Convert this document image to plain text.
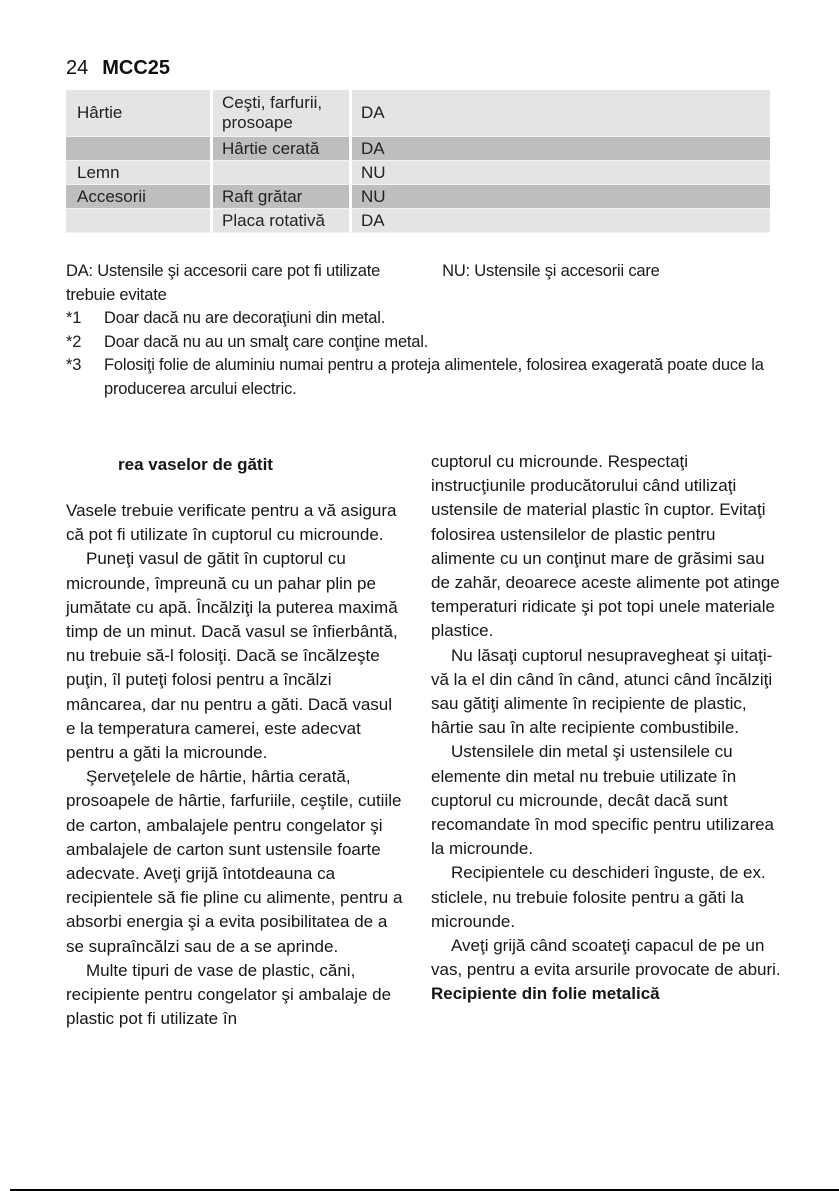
24 MCC25
Hârtie	Ceşti, farfurii, prosoape	DA
	Hârtie cerată	DA
Lemn		NU
Accesorii	Raft grătar	NU
	Placa rotativă	DA
DA: Ustensile şi accesorii care pot fi utilizate	NU: Ustensile şi accesorii care
trebuie evitate
*1 Doar dacă nu are decoraţiuni din metal.
*2 Doar dacă nu au un smalţ care conţine metal.
*3 Folosiţi folie de aluminiu numai pentru a proteja alimentele, folosirea exagerată poate duce la producerea arcului electric.
rea vaselor de gătit

Vasele trebuie verificate pentru a vă asigura că pot fi utilizate în cuptorul cu microunde.

Puneţi vasul de gătit în cuptorul cu microunde, împreună cu un pahar plin pe jumătate cu apă. Încălziţi la puterea maximă timp de un minut. Dacă vasul se înfierbântă, nu trebuie să-l folosiţi. Dacă se încălzeşte puţin, îl puteţi folosi pentru a încălzi mâncarea, dar nu pentru a găti. Dacă vasul e la temperatura camerei, este adecvat pentru a găti la microunde.

Şerveţelele de hârtie, hârtia cerată, prosoapele de hârtie, farfuriile, ceştile, cutiile de carton, ambalajele pentru congelator şi ambalajele de carton sunt ustensile foarte adecvate. Aveţi grijă întotdeauna ca recipientele să fie pline cu alimente, pentru a absorbi energia şi a evita posibilitatea de a se supraîncălzi sau de a se aprinde.

Multe tipuri de vase de plastic, căni, recipiente pentru congelator şi ambalaje de plastic pot fi utilizate în

cuptorul cu microunde. Respectaţi instrucţiunile producătorului când utilizaţi ustensile de material plastic în cuptor. Evitaţi folosirea ustensilelor de plastic pentru alimente cu un conţinut mare de grăsimi sau de zahăr, deoarece aceste alimente pot atinge temperaturi ridicate şi pot topi unele materiale plastice.

Nu lăsaţi cuptorul nesupravegheat şi uitaţi-vă la el din când în când, atunci când încălziţi sau gătiţi alimente în recipiente de plastic, hârtie sau în alte recipiente combustibile.

Ustensilele din metal şi ustensilele cu elemente din metal nu trebuie utilizate în cuptorul cu microunde, decât dacă sunt recomandate în mod specific pentru utilizarea la microunde.

Recipientele cu deschideri înguste, de ex. sticlele, nu trebuie folosite pentru a găti la microunde.

Aveţi grijă când scoateţi capacul de pe un vas, pentru a evita arsurile provocate de aburi.

Recipiente din folie metalică
